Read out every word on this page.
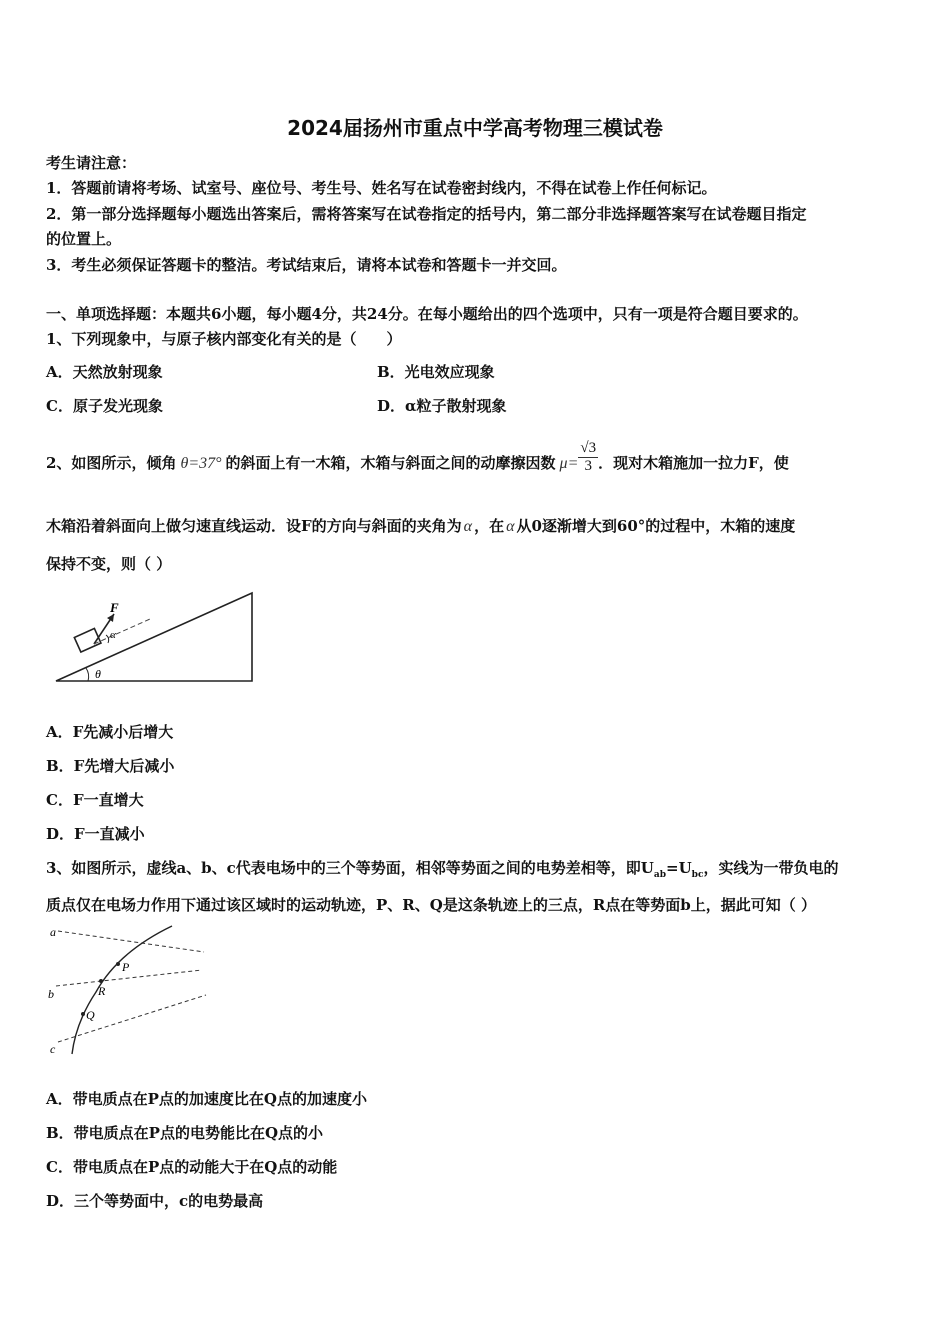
2024届扬州市重点中学高考物理三模试卷
考生请注意：
1．答题前请将考场、试室号、座位号、考生号、姓名写在试卷密封线内，不得在试卷上作任何标记。
2．第一部分选择题每小题选出答案后，需将答案写在试卷指定的括号内，第二部分非选择题答案写在试卷题目指定
的位置上。
3．考生必须保证答题卡的整洁。考试结束后，请将本试卷和答题卡一并交回。
一、单项选择题：本题共6小题，每小题4分，共24分。在每小题给出的四个选项中，只有一项是符合题目要求的。
1、下列现象中，与原子核内部变化有关的是（　　）
A．天然放射现象	B．光电效应现象
C．原子发光现象	D．α粒子散射现象
2、如图所示，倾角 θ=37° 的斜面上有一木箱，木箱与斜面之间的动摩擦因数 $\mu= \frac{√3}{3}$ ．现对木箱施加一拉力F，使
木箱沿着斜面向上做匀速直线运动．设F的方向与斜面的夹角为 α ，在 α 从0逐渐增大到60°的过程中，木箱的速度
保持不变，则（ ）
F
α
θ
A．F先减小后增大
B．F先增大后减小
C．F一直增大
D．F一直减小
3、如图所示，虚线a、b、c代表电场中的三个等势面，相邻等势面之间的电势差相等，即$U_{ab}=U_{bc}$，实线为一带负电的
质点仅在电场力作用下通过该区域时的运动轨迹，P、R、Q是这条轨迹上的三点，R点在等势面b上，据此可知（ ）
a
b
c
P
R
Q
A．带电质点在P点的加速度比在Q点的加速度小
B．带电质点在P点的电势能比在Q点的小
C．带电质点在P点的动能大于在Q点的动能
D．三个等势面中，c的电势最高
